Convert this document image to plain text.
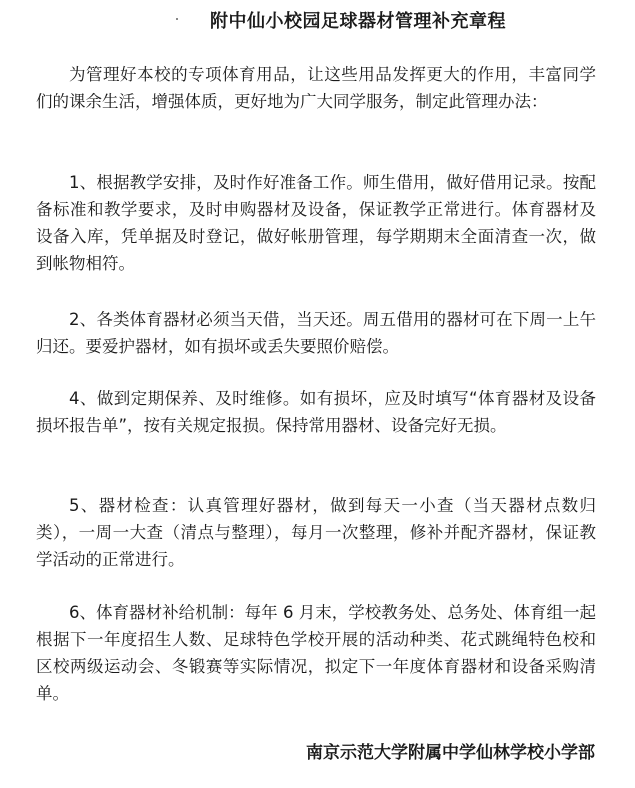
附中仙小校园足球器材管理补充章程

为管理好本校的专项体育用品，让这些用品发挥更大的作用，丰富同学们的课余生活，增强体质，更好地为广大同学服务，制定此管理办法：

1、根据教学安排，及时作好准备工作。师生借用，做好借用记录。按配备标准和教学要求，及时申购器材及设备，保证教学正常进行。体育器材及设备入库，凭单据及时登记，做好帐册管理，每学期期末全面清查一次，做到帐物相符。

2、各类体育器材必须当天借，当天还。周五借用的器材可在下周一上午归还。要爱护器材，如有损坏或丢失要照价赔偿。

4、做到定期保养、及时维修。如有损坏，应及时填写“体育器材及设备损坏报告单”，按有关规定报损。保持常用器材、设备完好无损。

5、器材检查：认真管理好器材，做到每天一小查（当天器材点数归类），一周一大查（清点与整理），每月一次整理，修补并配齐器材，保证教学活动的正常进行。

6、体育器材补给机制：每年 6 月末，学校教务处、总务处、体育组一起根据下一年度招生人数、足球特色学校开展的活动种类、花式跳绳特色校和区校两级运动会、冬锻赛等实际情况，拟定下一年度体育器材和设备采购清单。

南京示范大学附属中学仙林学校小学部
